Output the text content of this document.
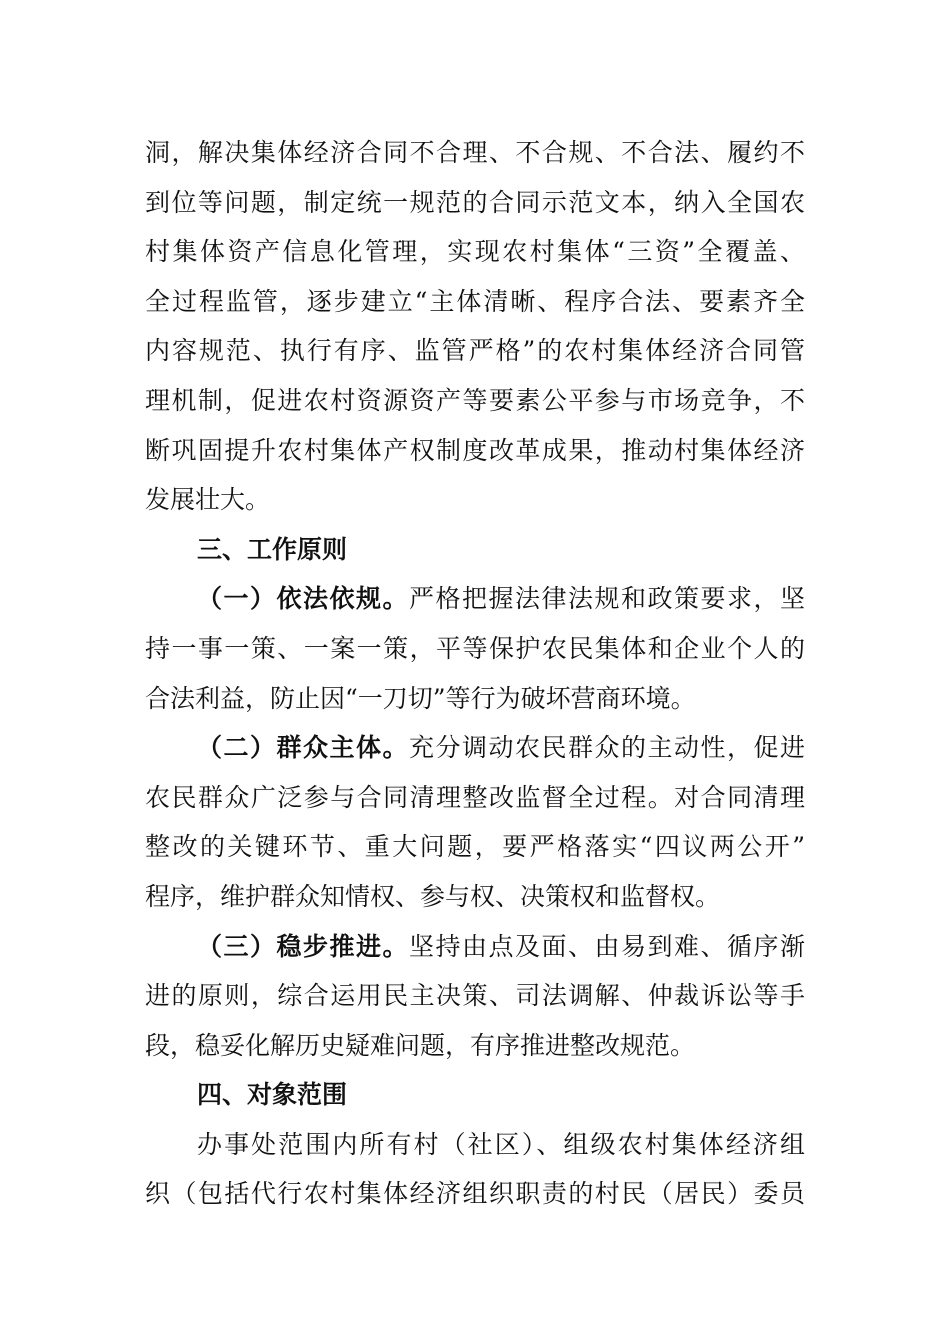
洞，解决集体经济合同不合理、不合规、不合法、履约不
到位等问题，制定统一规范的合同示范文本，纳入全国农
村集体资产信息化管理，实现农村集体“三资”全覆盖、
全过程监管，逐步建立“主体清晰、程序合法、要素齐全
内容规范、执行有序、监管严格”的农村集体经济合同管
理机制，促进农村资源资产等要素公平参与市场竞争，不
断巩固提升农村集体产权制度改革成果，推动村集体经济
发展壮大。
三、工作原则
（一）依法依规。严格把握法律法规和政策要求，坚
持一事一策、一案一策，平等保护农民集体和企业个人的
合法利益，防止因“一刀切”等行为破坏营商环境。
（二）群众主体。充分调动农民群众的主动性，促进
农民群众广泛参与合同清理整改监督全过程。对合同清理
整改的关键环节、重大问题，要严格落实“四议两公开”
程序，维护群众知情权、参与权、决策权和监督权。
（三）稳步推进。坚持由点及面、由易到难、循序渐
进的原则，综合运用民主决策、司法调解、仲裁诉讼等手
段，稳妥化解历史疑难问题，有序推进整改规范。
四、对象范围
办事处范围内所有村（社区）、组级农村集体经济组
织（包括代行农村集体经济组织职责的村民（居民）委员
